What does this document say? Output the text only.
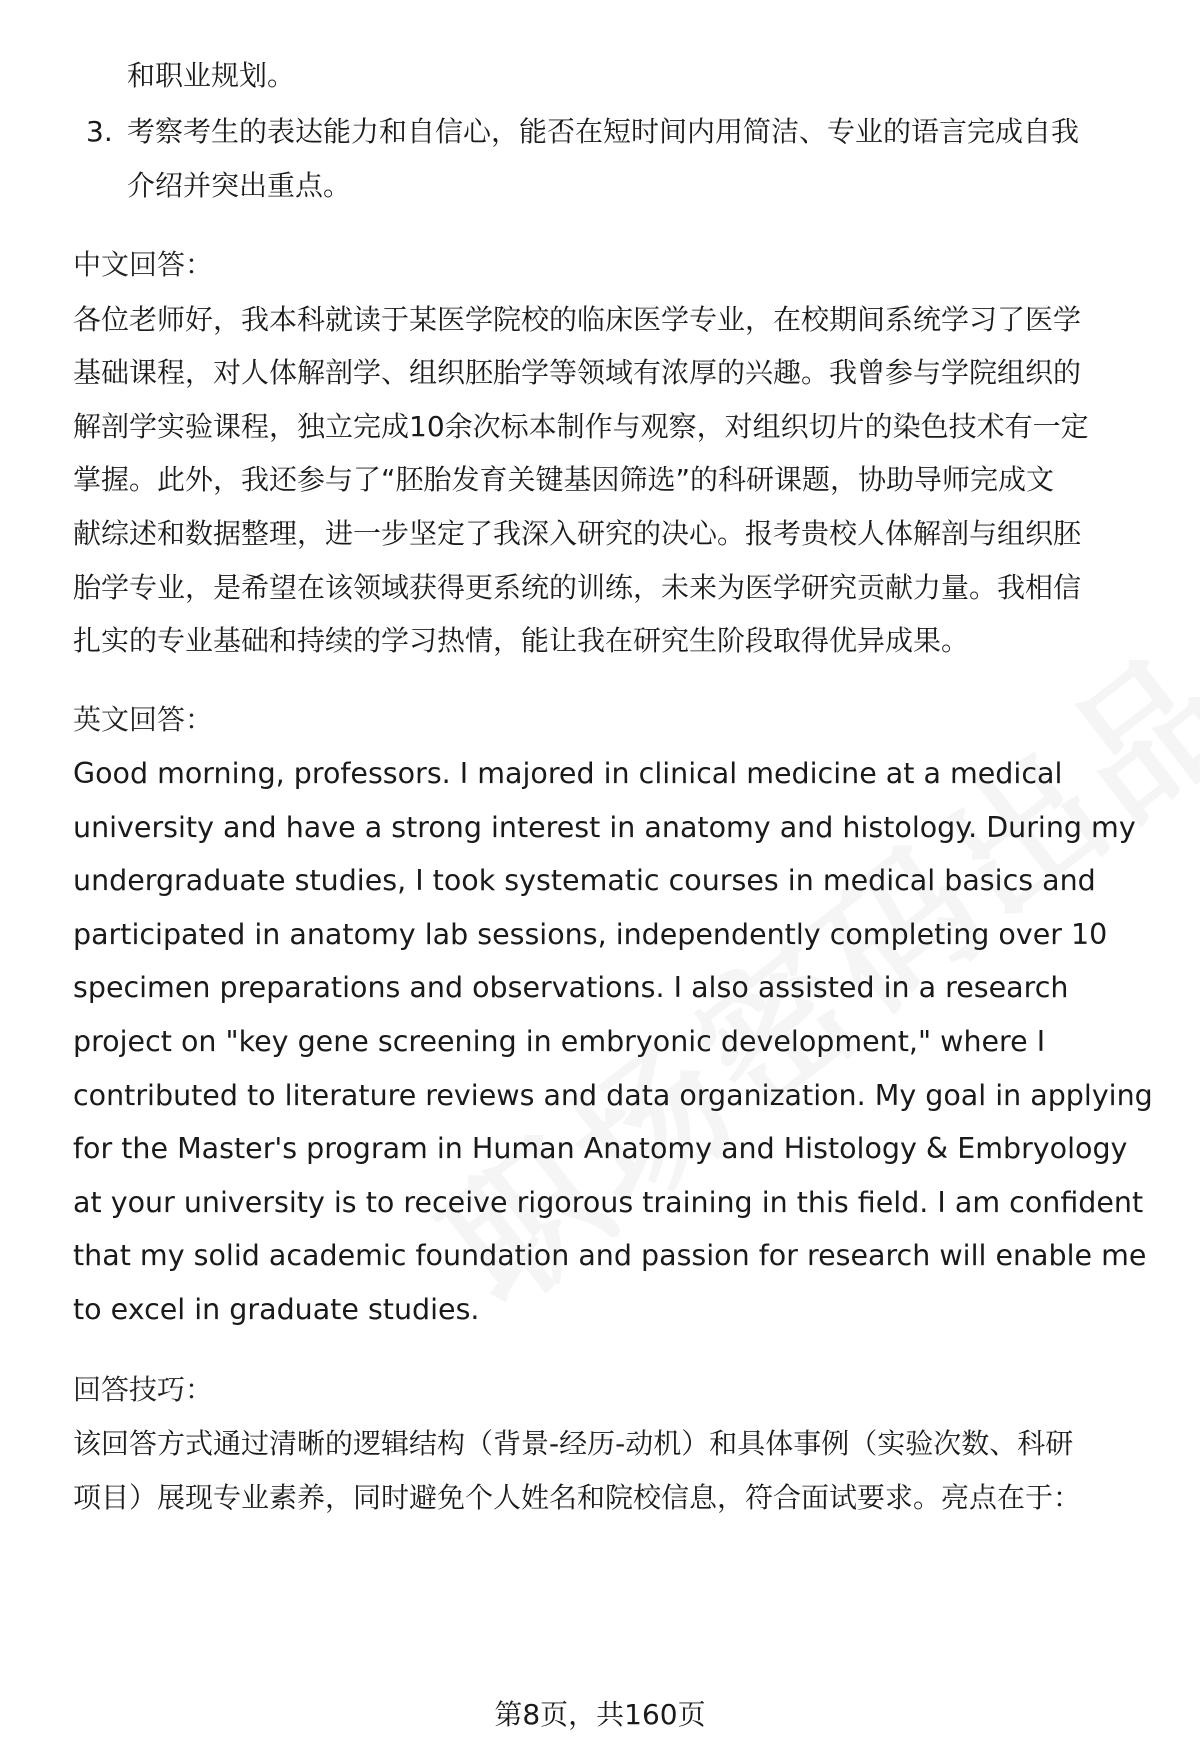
和职业规划。
3. 考察考生的表达能力和自信心，能否在短时间内用简洁、专业的语言完成自我
介绍并突出重点。
中文回答：
各位老师好，我本科就读于某医学院校的临床医学专业，在校期间系统学习了医学
基础课程，对人体解剖学、组织胚胎学等领域有浓厚的兴趣。我曾参与学院组织的
解剖学实验课程，独立完成10余次标本制作与观察，对组织切片的染色技术有一定
掌握。此外，我还参与了“胚胎发育关键基因筛选”的科研课题，协助导师完成文
献综述和数据整理，进一步坚定了我深入研究的决心。报考贵校人体解剖与组织胚
胎学专业，是希望在该领域获得更系统的训练，未来为医学研究贡献力量。我相信
扎实的专业基础和持续的学习热情，能让我在研究生阶段取得优异成果。
英文回答：
Good morning, professors. I majored in clinical medicine at a medical
university and have a strong interest in anatomy and histology. During my
undergraduate studies, I took systematic courses in medical basics and
participated in anatomy lab sessions, independently completing over 10
specimen preparations and observations. I also assisted in a research
project on "key gene screening in embryonic development," where I
contributed to literature reviews and data organization. My goal in applying
for the Master's program in Human Anatomy and Histology & Embryology
at your university is to receive rigorous training in this field. I am confident
that my solid academic foundation and passion for research will enable me
to excel in graduate studies.
回答技巧：
该回答方式通过清晰的逻辑结构（背景-经历-动机）和具体事例（实验次数、科研
项目）展现专业素养，同时避免个人姓名和院校信息，符合面试要求。亮点在于：
第8页，共160页
